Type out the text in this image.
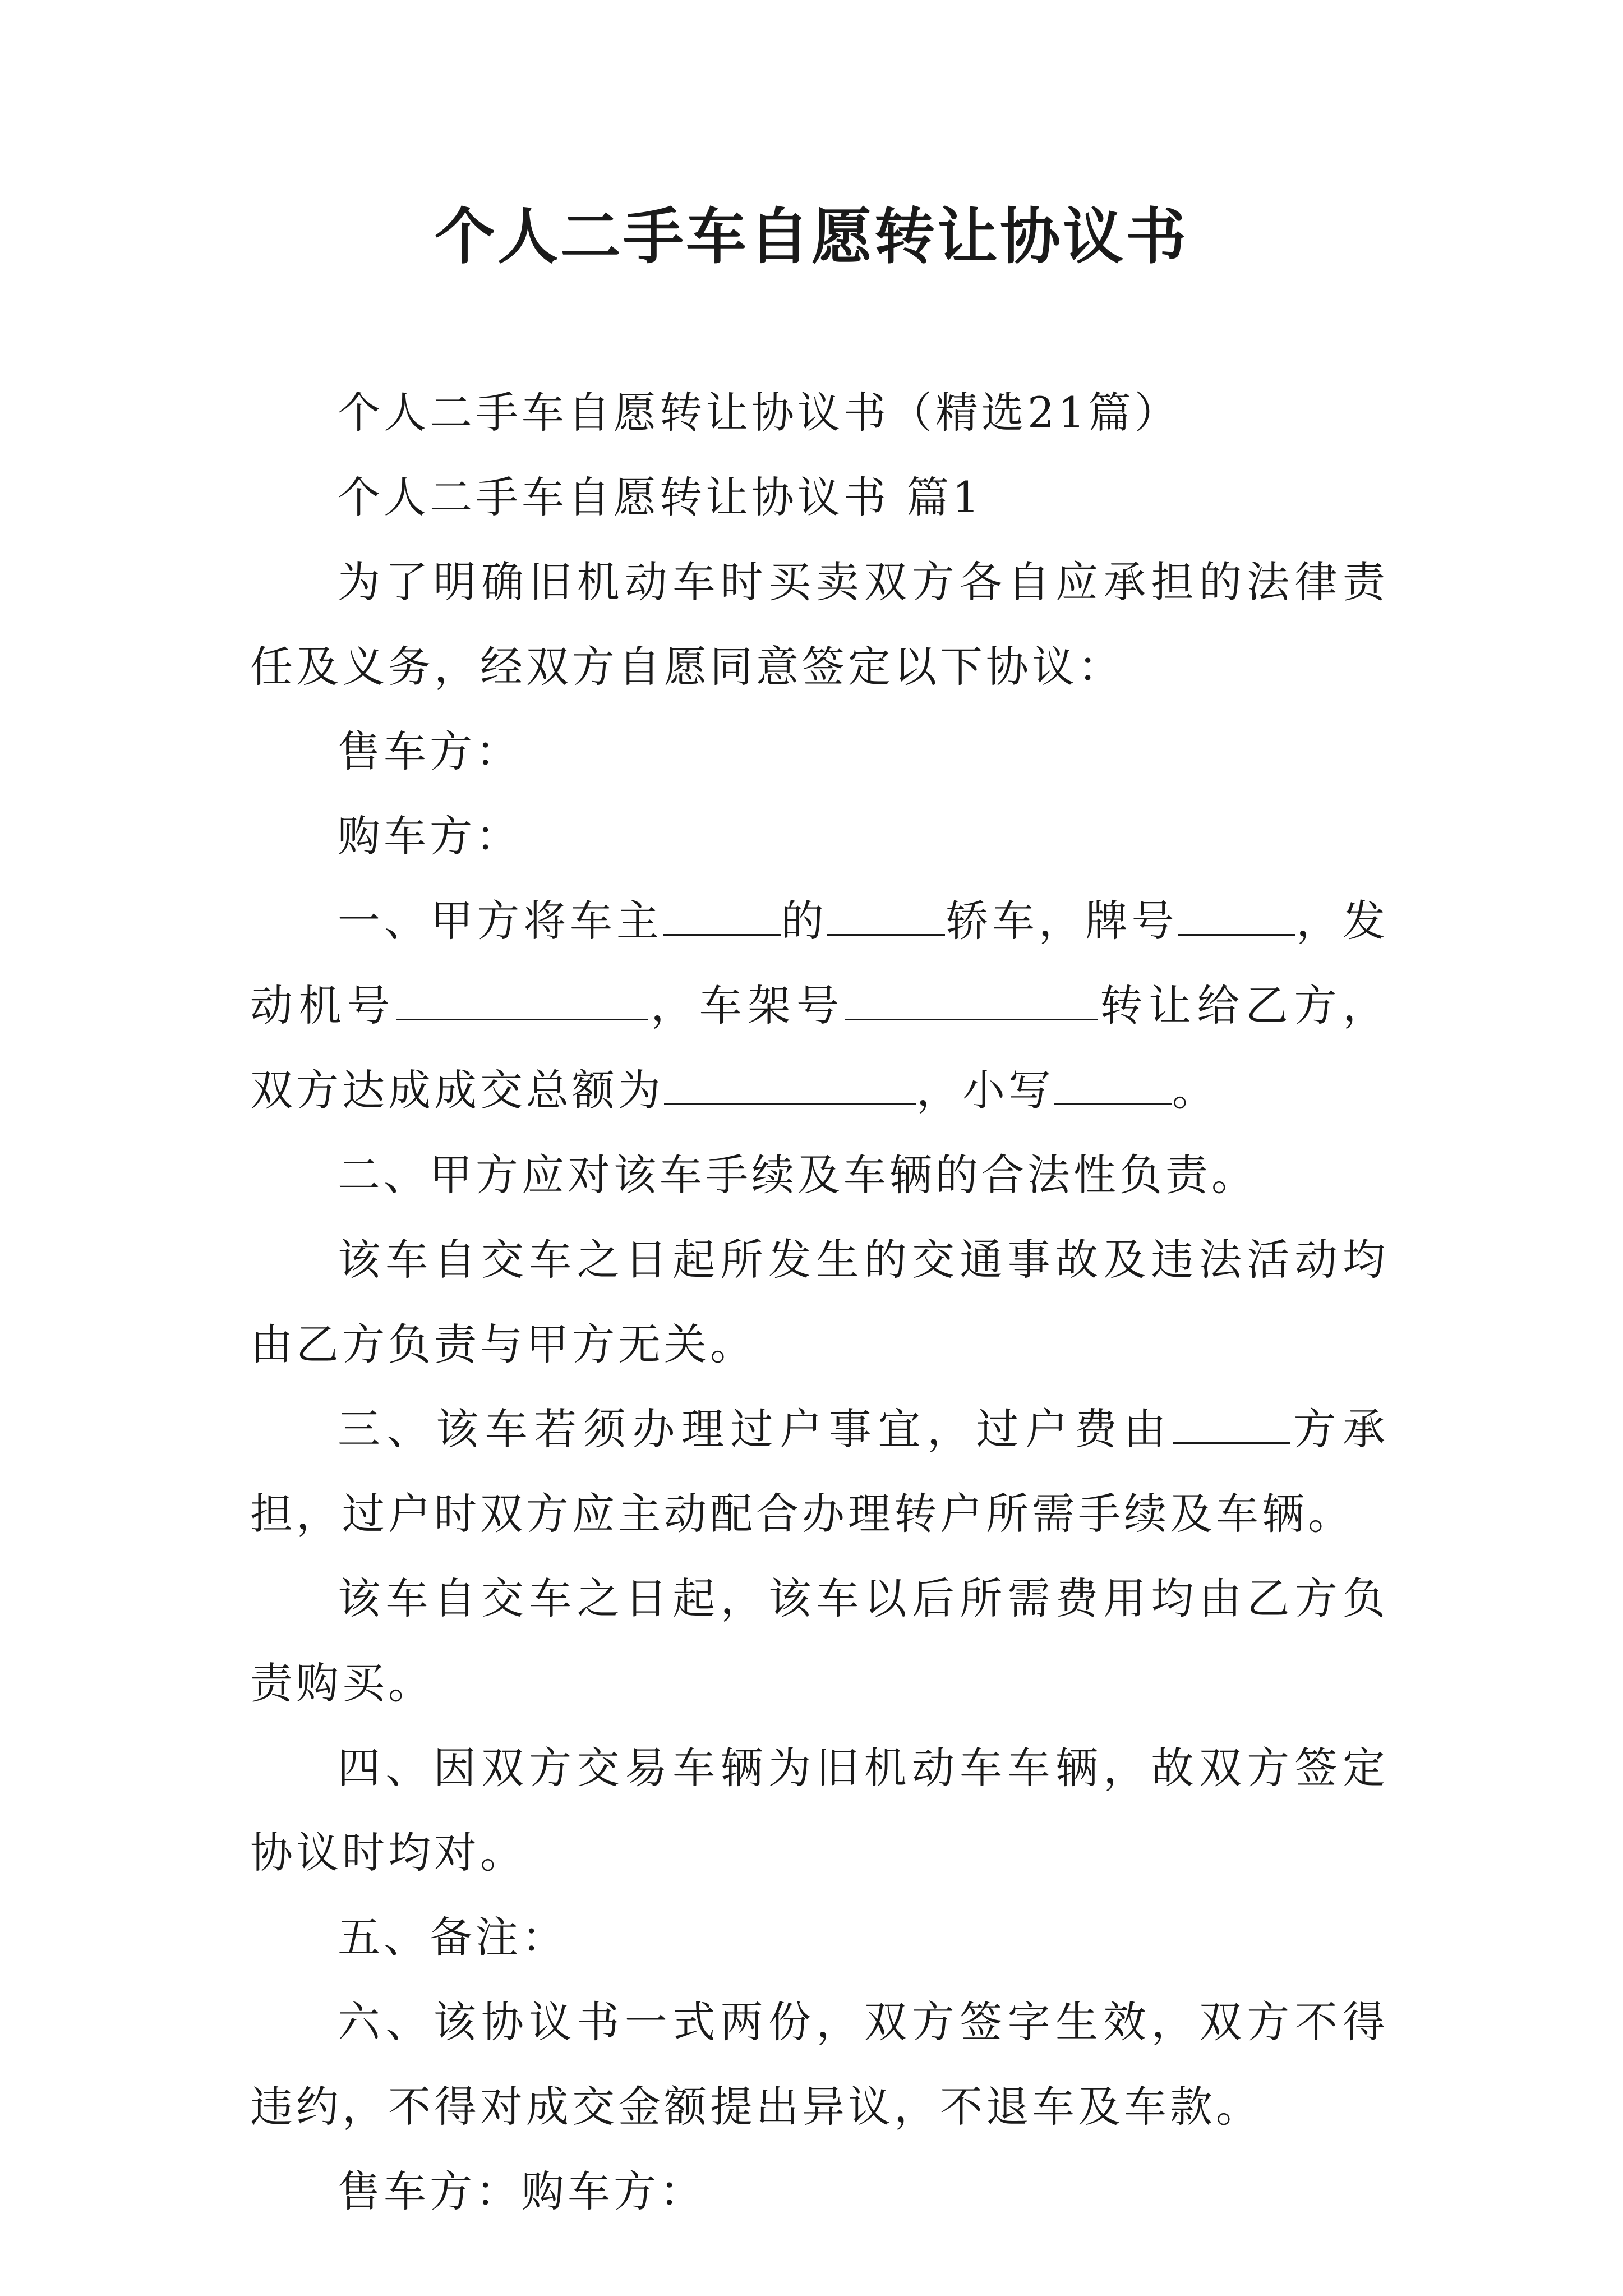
个人二手车自愿转让协议书

个人二手车自愿转让协议书（精选21篇）

个人二手车自愿转让协议书 篇1

为了明确旧机动车时买卖双方各自应承担的法律责任及义务，经双方自愿同意签定以下协议：

售车方：

购车方：

一、甲方将车主	的	轿车，牌号	，发动机号	，车架号	转让给乙方，双方达成成交总额为	，小写	。

二、甲方应对该车手续及车辆的合法性负责。

该车自交车之日起所发生的交通事故及违法活动均由乙方负责与甲方无关。

三、该车若须办理过户事宜，过户费由	方承担，过户时双方应主动配合办理转户所需手续及车辆。

该车自交车之日起，该车以后所需费用均由乙方负责购买。

四、因双方交易车辆为旧机动车车辆，故双方签定协议时均对。

五、备注：

六、该协议书一式两份，双方签字生效，双方不得违约，不得对成交金额提出异议，不退车及车款。

售车方：购车方：
